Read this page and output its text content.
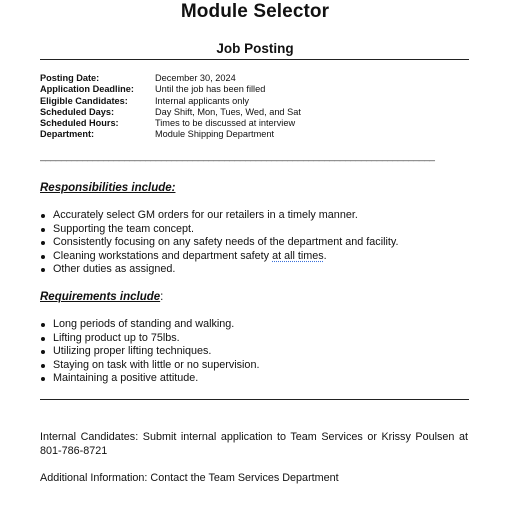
Module Selector
Job Posting
Posting Date:	December 30, 2024
Application Deadline:	Until the job has been filled
Eligible Candidates:	Internal applicants only
Scheduled Days:	Day Shift, Mon, Tues, Wed, and Sat
Scheduled Hours:	Times to be discussed at interview
Department:	Module Shipping Department
___________________________________________________________________________
Responsibilities include:
Accurately select GM orders for our retailers in a timely manner.
Supporting the team concept.
Consistently focusing on any safety needs of the department and facility.
Cleaning workstations and department safety at all times.
Other duties as assigned.
Requirements include:
Long periods of standing and walking.
Lifting product up to 75lbs.
Utilizing proper lifting techniques.
Staying on task with little or no supervision.
Maintaining a positive attitude.
Internal Candidates: Submit internal application to Team Services or Krissy Poulsen at 801-786-8721
Additional Information: Contact the Team Services Department
